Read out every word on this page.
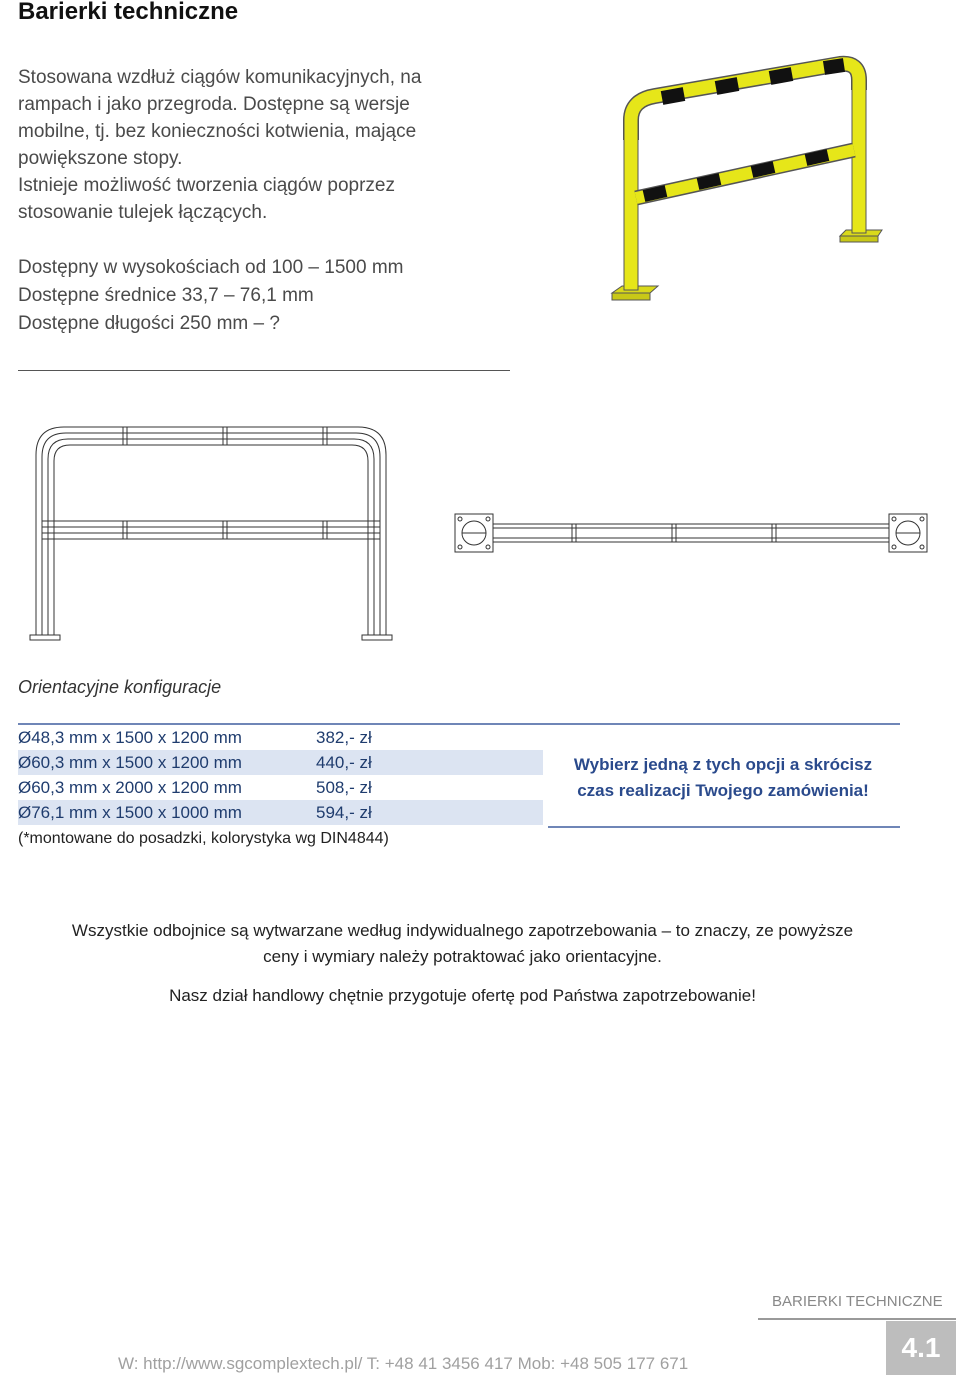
Barierki techniczne

Stosowana wzdłuż ciągów komunikacyjnych, na rampach i jako przegroda. Dostępne są wersje mobilne, tj. bez konieczności kotwienia, mające powiększone stopy.

Istnieje możliwość tworzenia ciągów poprzez stosowanie tulejek łączących.

Dostępny w wysokościach od 100 – 1500 mm
Dostępne średnice 33,7 – 76,1 mm
Dostępne długości 250 mm – ?
Orientacyjne konfiguracje
Ø48,3 mm x 1500 x 1200 mm	382,- zł
Ø60,3 mm x 1500 x 1200 mm	440,- zł
Ø60,3 mm x 2000 x 1200 mm	508,- zł
Ø76,1 mm x 1500 x 1000 mm	594,- zł
(*montowane do posadzki, kolorystyka wg DIN4844)
Wybierz jedną z tych opcji a skrócisz
czas realizacji Twojego zamówienia!
Wszystkie odbojnice są wytwarzane według indywidualnego zapotrzebowania – to znaczy, ze powyższe
ceny i wymiary należy potraktować jako orientacyjne.
Nasz dział handlowy chętnie przygotuje ofertę pod Państwa zapotrzebowanie!
BARIERKI TECHNICZNE
W: http://www.sgcomplextech.pl/ T: +48 41 3456 417 Mob: +48 505 177 671
4.1
